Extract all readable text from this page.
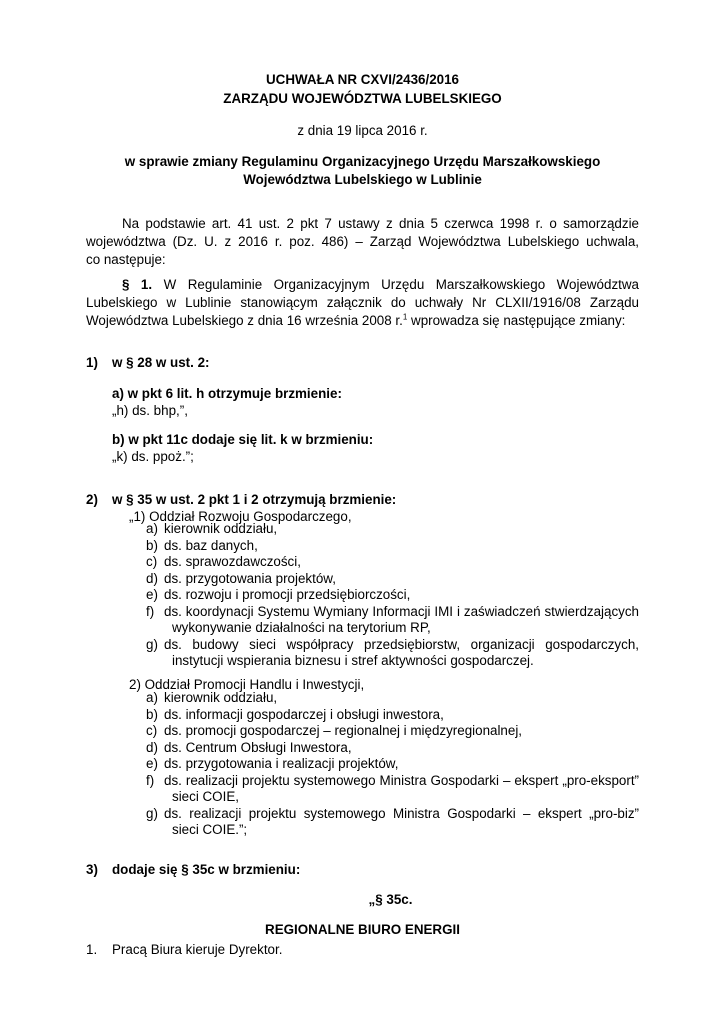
UCHWAŁA NR CXVI/2436/2016
ZARZĄDU WOJEWÓDZTWA LUBELSKIEGO
z dnia 19 lipca 2016 r.
w sprawie zmiany Regulaminu Organizacyjnego Urzędu Marszałkowskiego
Województwa Lubelskiego w Lublinie
Na podstawie art. 41 ust. 2 pkt 7 ustawy z dnia 5 czerwca 1998 r. o samorządzie
województwa (Dz. U. z 2016 r. poz. 486) – Zarząd Województwa Lubelskiego uchwala,
co następuje:
§ 1. W Regulaminie Organizacyjnym Urzędu Marszałkowskiego Województwa
Lubelskiego w Lublinie stanowiącym załącznik do uchwały Nr CLXII/1916/08 Zarządu
Województwa Lubelskiego z dnia 16 września 2008 r.$^1$ wprowadza się następujące zmiany:
1) w § 28 w ust. 2:
a) w pkt 6 lit. h otrzymuje brzmienie:
„h) ds. bhp,”,
b) w pkt 11c dodaje się lit. k w brzmieniu:
„k) ds. ppoż.”;
2) w § 35 w ust. 2 pkt 1 i 2 otrzymują brzmienie:
„1) Oddział Rozwoju Gospodarczego,
a) kierownik oddziału,
b) ds. baz danych,
c) ds. sprawozdawczości,
d) ds. przygotowania projektów,
e) ds. rozwoju i promocji przedsiębiorczości,
f) ds. koordynacji Systemu Wymiany Informacji IMI i zaświadczeń stwierdzających
wykonywanie działalności na terytorium RP,
g) ds. budowy sieci współpracy przedsiębiorstw, organizacji gospodarczych,
instytucji wspierania biznesu i stref aktywności gospodarczej.
2) Oddział Promocji Handlu i Inwestycji,
a) kierownik oddziału,
b) ds. informacji gospodarczej i obsługi inwestora,
c) ds. promocji gospodarczej – regionalnej i międzyregionalnej,
d) ds. Centrum Obsługi Inwestora,
e) ds. przygotowania i realizacji projektów,
f) ds. realizacji projektu systemowego Ministra Gospodarki – ekspert „pro-eksport”
sieci COIE,
g) ds. realizacji projektu systemowego Ministra Gospodarki – ekspert „pro-biz”
sieci COIE.”;
3) dodaje się § 35c w brzmieniu:
„§ 35c.
REGIONALNE BIURO ENERGII
1. Pracą Biura kieruje Dyrektor.
